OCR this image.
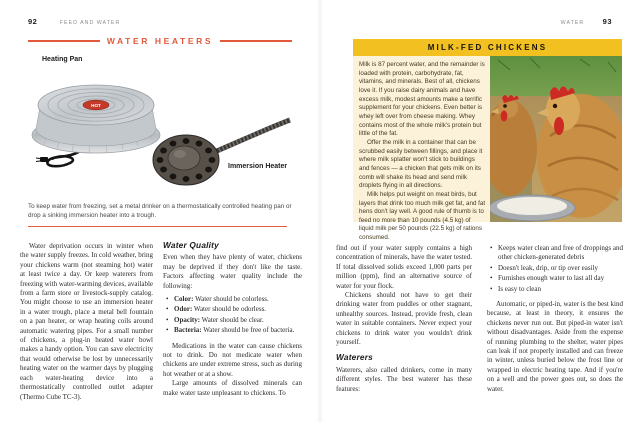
92	FEED AND WATER
WATER HEATERS
Heating Pan
HOT
Immersion Heater
To keep water from freezing, set a metal drinker on a thermostatically controlled heating pan or drop a sinking immersion heater into a trough.

Water deprivation occurs in winter when the water supply freezes. In cold weather, bring your chickens warm (not steaming hot) water at least twice a day. Or keep waterers from freezing with water-warming devices, available from a farm store or livestock-supply catalog. You might choose to use an immersion heater in a water trough, place a metal bell fountain on a pan heater, or wrap heating coils around automatic watering pipes. For a small number of chickens, a plug-in heated water bowl makes a handy option. You can save electricity that would otherwise be lost by unnecessarily heating water on the warmer days by plugging each water-heating device into a thermostatically controlled outlet adapter (Thermo Cube TC-3).

Water Quality

Even when they have plenty of water, chickens may be deprived if they don't like the taste. Factors affecting water quality include the following:

• Color: Water should be colorless.
• Odor: Water should be odorless.
• Opacity: Water should be clear.
• Bacteria: Water should be free of bacteria.

Medications in the water can cause chickens not to drink. Do not medicate water when chickens are under extreme stress, such as during hot weather or at a show.

Large amounts of dissolved minerals can make water taste unpleasant to chickens. To

WATER 93
MILK-FED CHICKENS

Milk is 87 percent water, and the remainder is loaded with protein, carbohydrate, fat, vitamins, and minerals. Best of all, chickens love it. If you raise dairy animals and have excess milk, modest amounts make a terrific supplement for your chickens. Even better is whey left over from cheese making. Whey contains most of the whole milk's protein but little of the fat.

Offer the milk in a container that can be scrubbed easily between fillings, and place it where milk splatter won't stick to buildings and fences — a chicken that gets milk on its comb will shake its head and send milk droplets flying in all directions.

Milk helps put weight on meat birds, but layers that drink too much milk get fat, and fat hens don't lay well. A good rule of thumb is to feed no more than 10 pounds (4.5 kg) of liquid milk per 50 pounds (22.5 kg) of rations consumed.

find out if your water supply contains a high concentration of minerals, have the water tested. If total dissolved solids exceed 1,000 parts per million (ppm), find an alternative source of water for your flock.

Chickens should not have to get their drinking water from puddles or other stagnant, unhealthy sources. Instead, provide fresh, clean water in suitable containers. Never expect your chickens to drink water you wouldn't drink yourself.

Waterers

Waterers, also called drinkers, come in many different styles. The best waterer has these features:

• Keeps water clean and free of droppings and other chicken-generated debris
• Doesn't leak, drip, or tip over easily
• Furnishes enough water to last all day
• Is easy to clean

Automatic, or piped-in, water is the best kind because, at least in theory, it ensures the chickens never run out. But piped-in water isn't without disadvantages. Aside from the expense of running plumbing to the shelter, water pipes can leak if not properly installed and can freeze in winter, unless buried below the frost line or wrapped in electric heating tape. And if you're on a well and the power goes out, so does the water.
